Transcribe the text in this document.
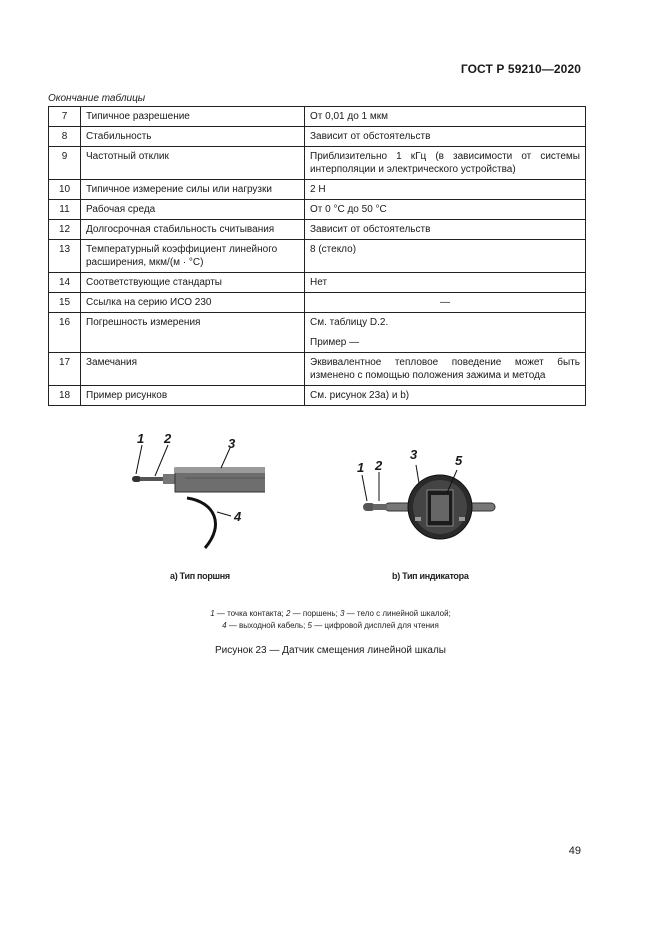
ГОСТ Р 59210—2020
Окончание таблицы
7	Типичное разрешение	От 0,01 до 1 мкм
8	Стабильность	Зависит от обстоятельств
9	Частотный отклик	Приблизительно 1 кГц (в зависимости от системы интерполяции и электрического устройства)
10	Типичное измерение силы или нагрузки	2 Н
11	Рабочая среда	От 0 °С до 50 °С
12	Долгосрочная стабильность считывания	Зависит от обстоятельств
13	Температурный коэффициент линейного расширения, мкм/(м · °С)	8 (стекло)
14	Соответствующие стандарты	Нет
15	Ссылка на серию ИСО 230	—
16	Погрешность измерения	См. таблицу D.2.
Пример —

17	Замечания	Эквивалентное тепловое поведение может быть изменено с помощью положения зажима и метода
18	Пример рисунков	См. рисунок 23а) и b)
1 2	3
4
1 2
3	5
а) Тип поршня	b) Тип индикатора
1 — точка контакта; 2 — поршень; 3 — тело с линейной шкалой;
4 — выходной кабель; 5 — цифровой дисплей для чтения
Рисунок 23 — Датчик смещения линейной шкалы
49
